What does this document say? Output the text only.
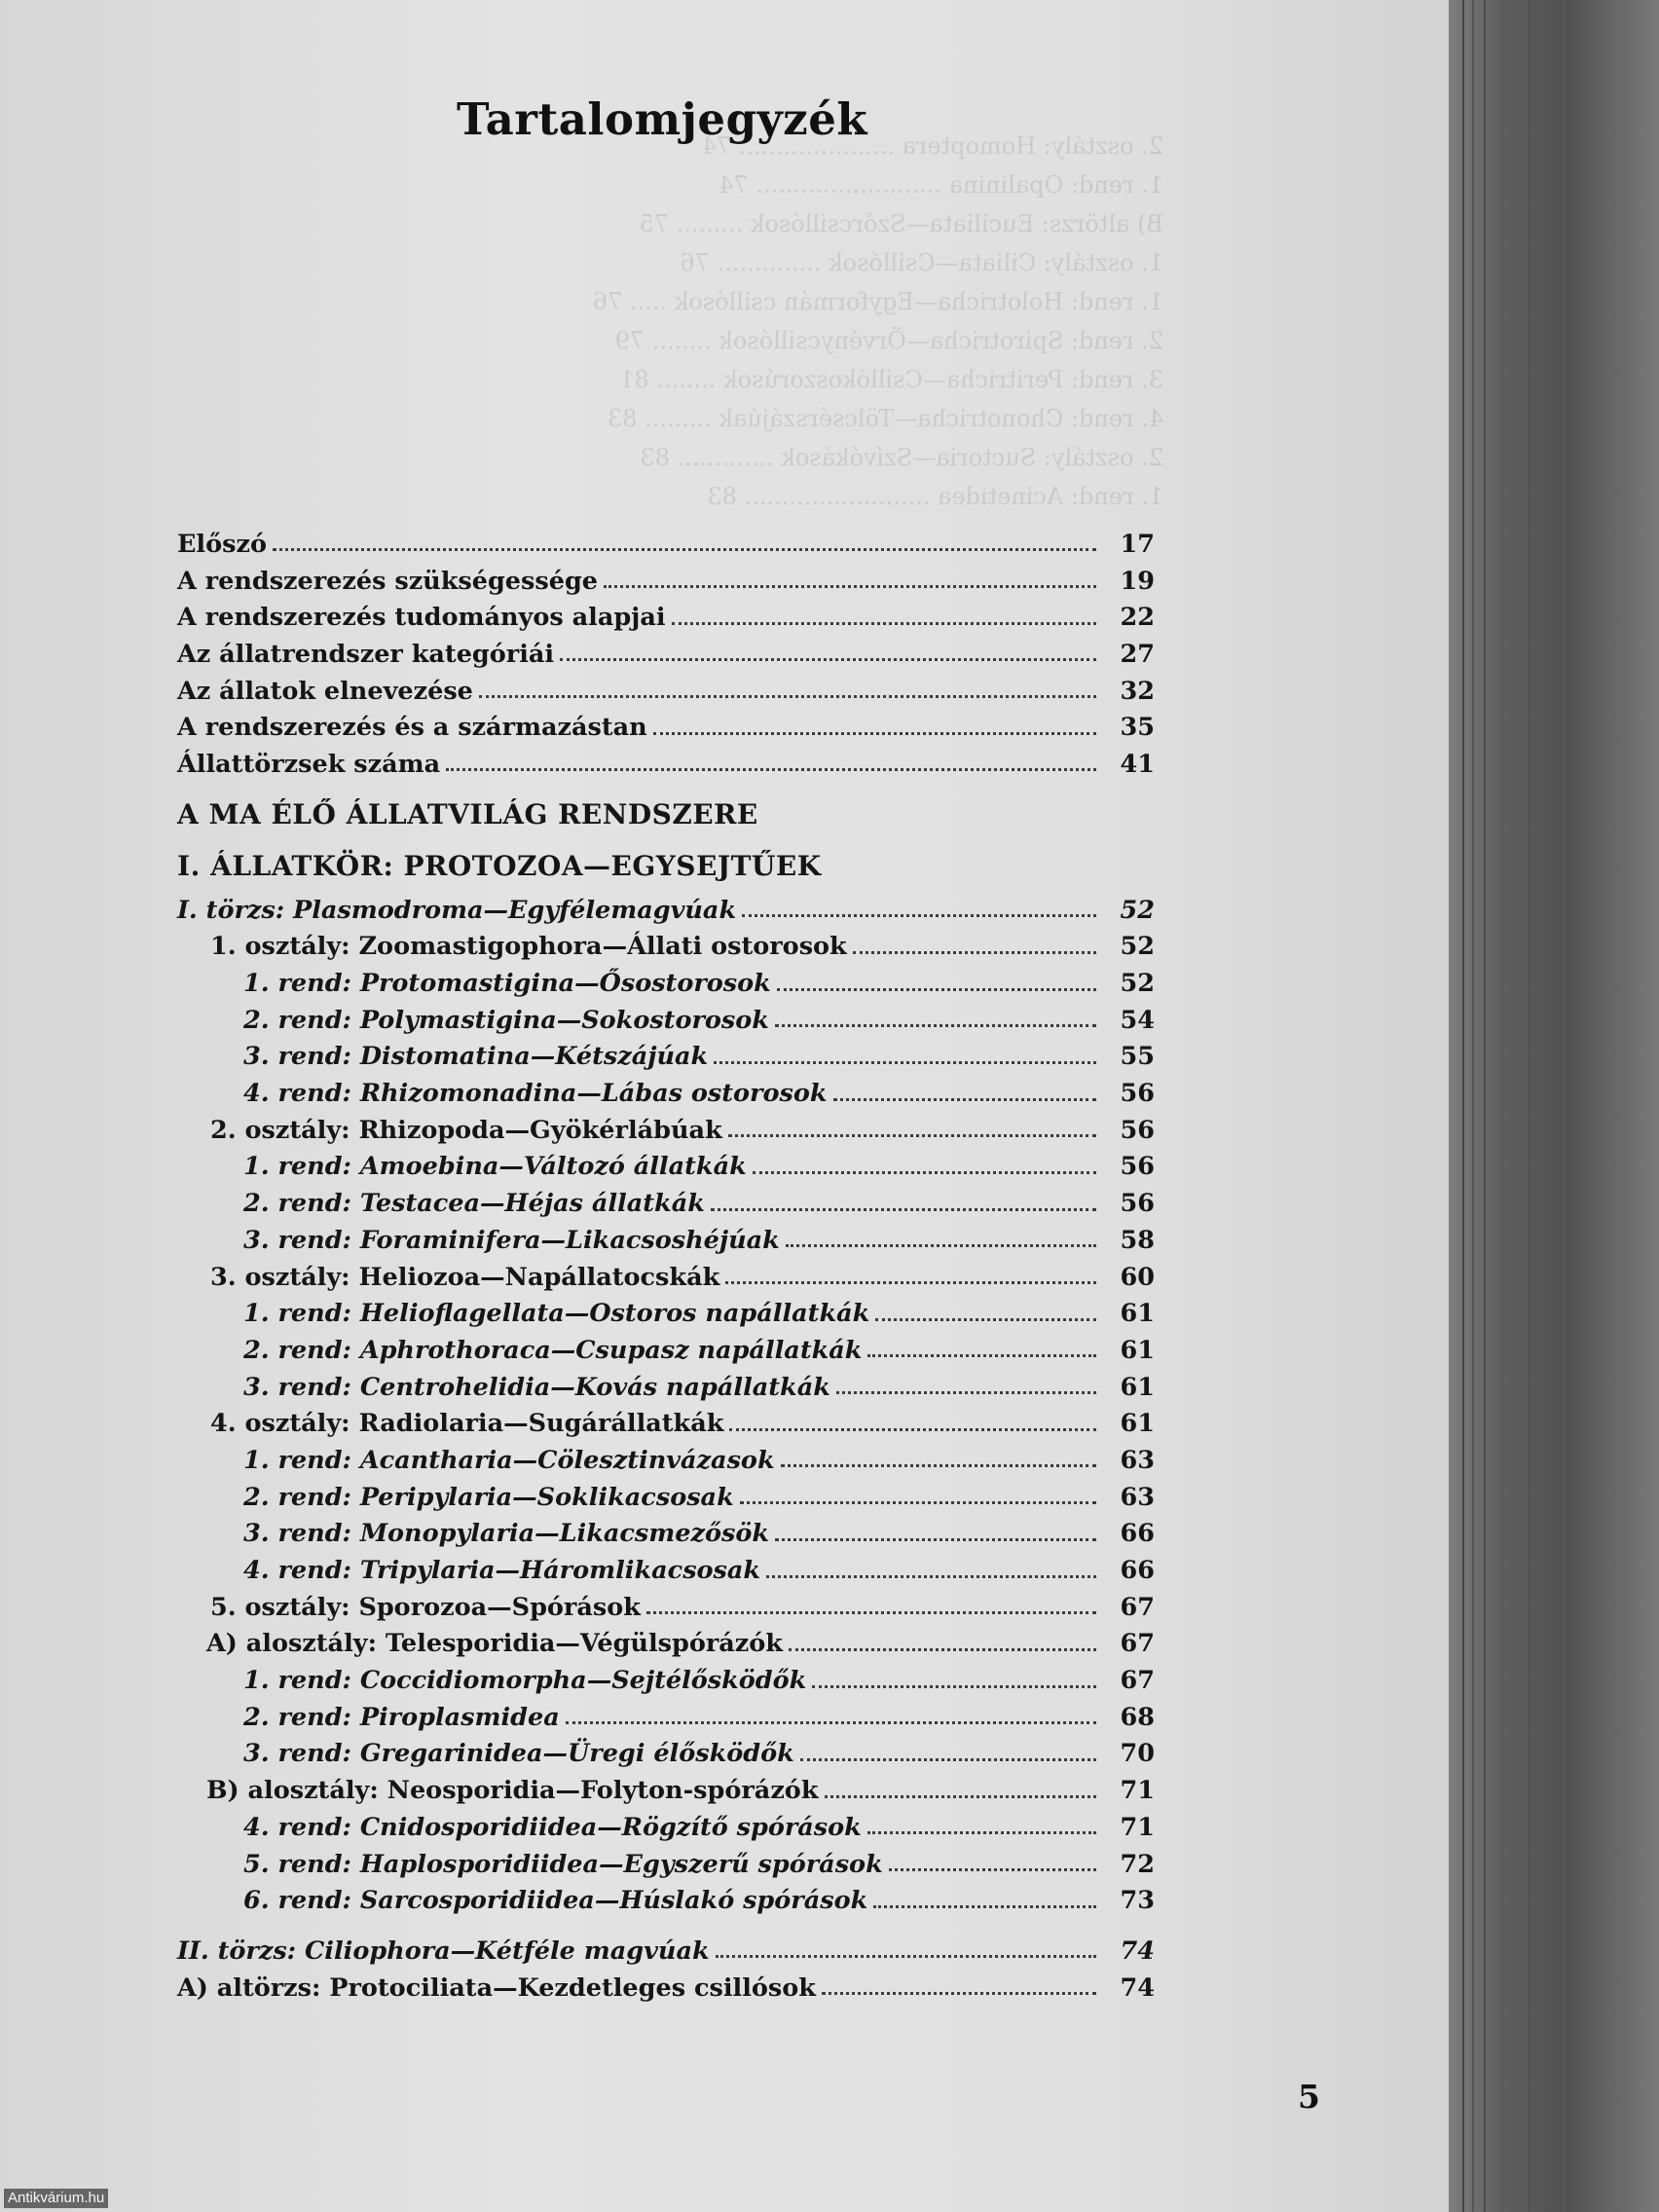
2. osztály: Homoptera ..................... 74
1. rend: Opalinina ......................... 74
B) altörzs: Euciliata—Szőrcsillósok ......... 75
1. osztály: Ciliata—Csillósok .............. 76
1. rend: Holotricha—Egyformán csillósok ..... 76
2. rend: Spirotricha—Örvénycsillósok ........ 79
3. rend: Peritricha—Csillókoszorúsok ........ 81
4. rend: Chonotricha—Tölcsérszájúak ......... 83
2. osztály: Suctoria—Szívókások ............. 83
1. rend: Acinetidea ......................... 83

Tartalomjegyzék
Előszó	17
A rendszerezés szükségessége	19
A rendszerezés tudományos alapjai	22
Az állatrendszer kategóriái	27
Az állatok elnevezése	32
A rendszerezés és a származástan	35
Állattörzsek száma	41
A MA ÉLŐ ÁLLATVILÁG RENDSZERE
I. ÁLLATKÖR: PROTOZOA—EGYSEJTŰEK
I. törzs: Plasmodroma—Egyfélemagvúak	52
1. osztály: Zoomastigophora—Állati ostorosok	52
1. rend: Protomastigina—Ősostorosok	52
2. rend: Polymastigina—Sokostorosok	54
3. rend: Distomatina—Kétszájúak	55
4. rend: Rhizomonadina—Lábas ostorosok	56
2. osztály: Rhizopoda—Gyökérlábúak	56
1. rend: Amoebina—Változó állatkák	56
2. rend: Testacea—Héjas állatkák	56
3. rend: Foraminifera—Likacsoshéjúak	58
3. osztály: Heliozoa—Napállatocskák	60
1. rend: Helioflagellata—Ostoros napállatkák	61
2. rend: Aphrothoraca—Csupasz napállatkák	61
3. rend: Centrohelidia—Kovás napállatkák	61
4. osztály: Radiolaria—Sugárállatkák	61
1. rend: Acantharia—Cölesztinvázasok	63
2. rend: Peripylaria—Soklikacsosak	63
3. rend: Monopylaria—Likacsmezősök	66
4. rend: Tripylaria—Háromlikacsosak	66
5. osztály: Sporozoa—Spórások	67
A) alosztály: Telesporidia—Végülspórázók	67
1. rend: Coccidiomorpha—Sejtélősködők	67
2. rend: Piroplasmidea	68
3. rend: Gregarinidea—Üregi élősködők	70
B) alosztály: Neosporidia—Folyton-spórázók	71
4. rend: Cnidosporidiidea—Rögzítő spórások	71
5. rend: Haplosporidiidea—Egyszerű spórások	72
6. rend: Sarcosporidiidea—Húslakó spórások	73
II. törzs: Ciliophora—Kétféle magvúak	74
A) altörzs: Protociliata—Kezdetleges csillósok	74
5
Antikvárium.hu
